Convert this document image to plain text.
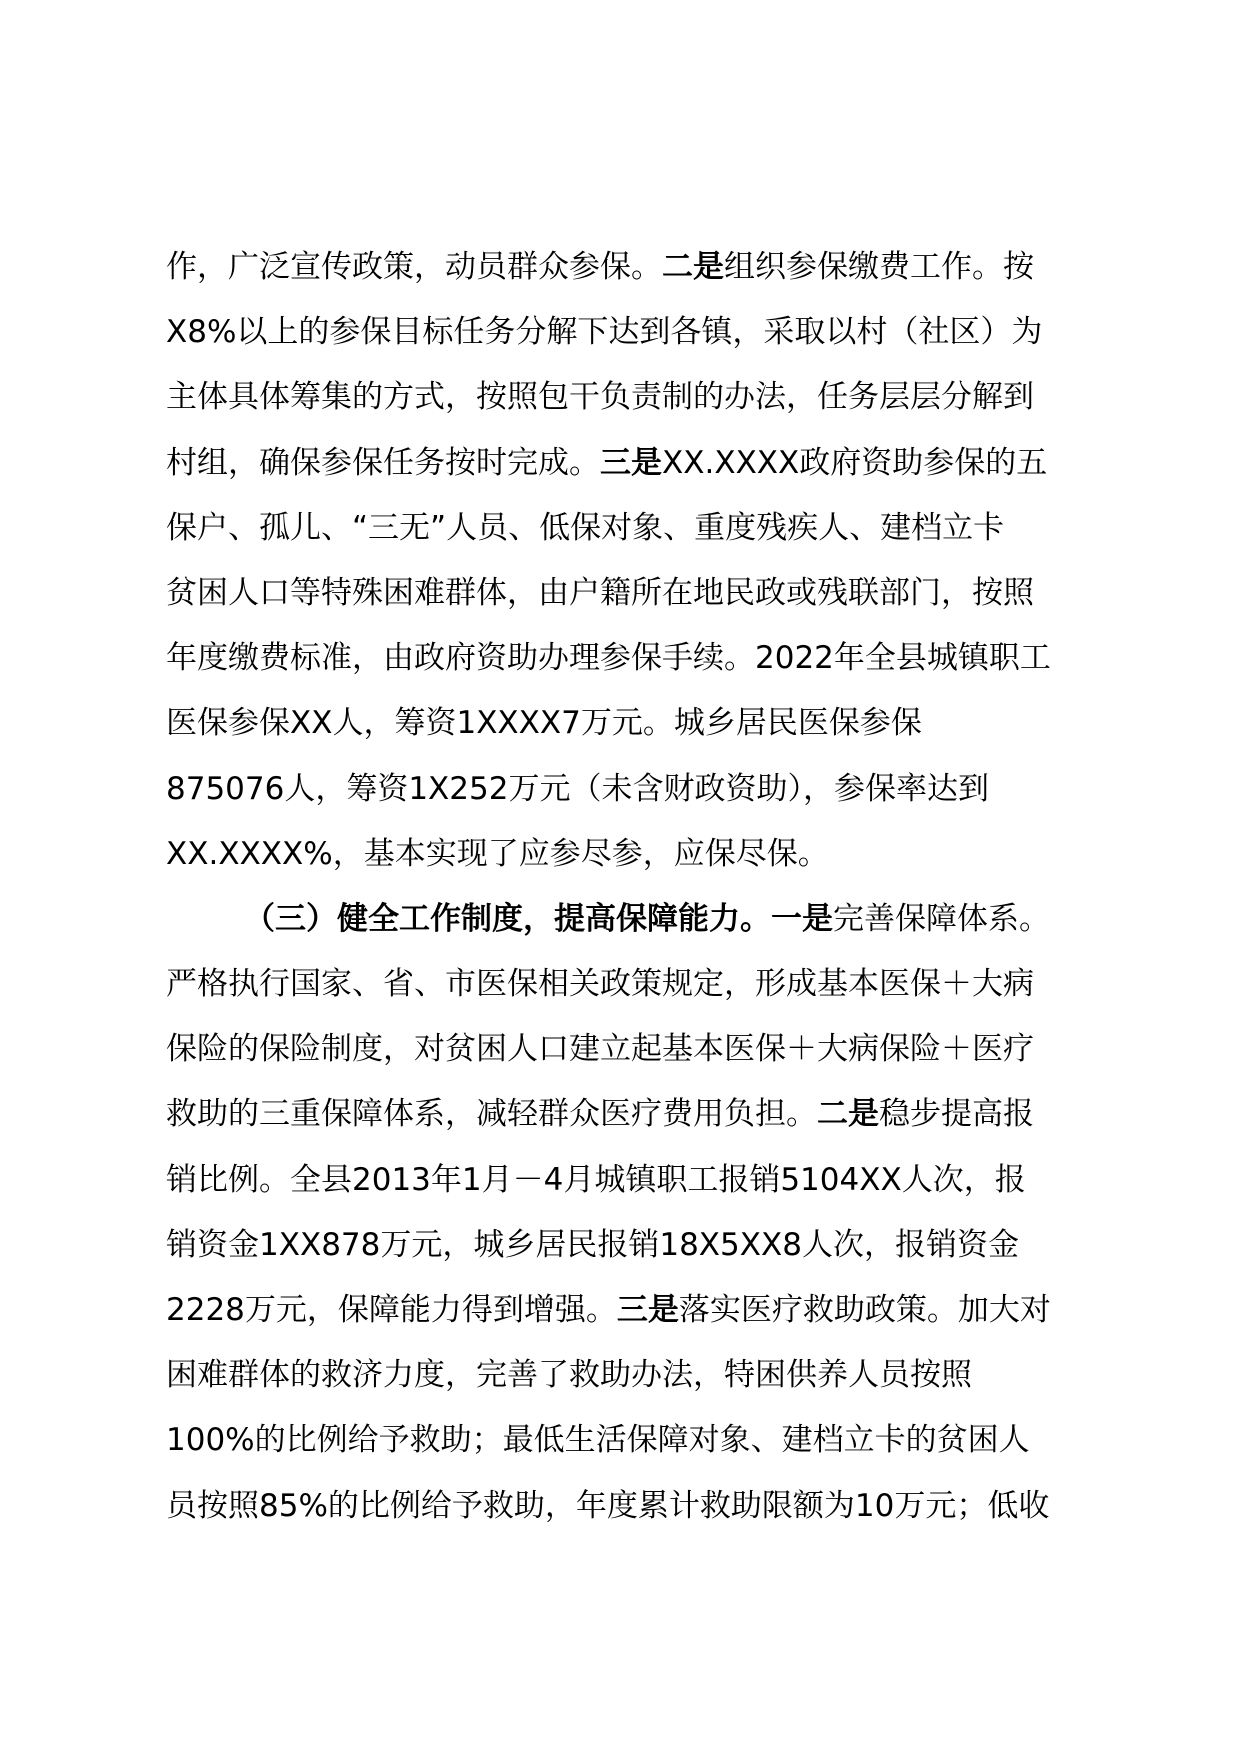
作，广泛宣传政策，动员群众参保。二是组织参保缴费工作。按
X8%以上的参保目标任务分解下达到各镇，采取以村（社区）为
主体具体筹集的方式，按照包干负责制的办法，任务层层分解到
村组，确保参保任务按时完成。三是XX.XXXX政府资助参保的五
保户、孤儿、“三无”人员、低保对象、重度残疾人、建档立卡
贫困人口等特殊困难群体，由户籍所在地民政或残联部门，按照
年度缴费标准，由政府资助办理参保手续。2022年全县城镇职工
医保参保XX人，筹资1XXXX7万元。城乡居民医保参保
875076人，筹资1X252万元（未含财政资助），参保率达到
XX.XXXX%，基本实现了应参尽参，应保尽保。
（三）健全工作制度，提高保障能力。一是完善保障体系。
严格执行国家、省、市医保相关政策规定，形成基本医保＋大病
保险的保险制度，对贫困人口建立起基本医保＋大病保险＋医疗
救助的三重保障体系，减轻群众医疗费用负担。二是稳步提高报
销比例。全县2013年1月－4月城镇职工报销5104XX人次，报
销资金1XX878万元，城乡居民报销18X5XX8人次，报销资金
2228万元，保障能力得到增强。三是落实医疗救助政策。加大对
困难群体的救济力度，完善了救助办法，特困供养人员按照
100%的比例给予救助；最低生活保障对象、建档立卡的贫困人
员按照85%的比例给予救助，年度累计救助限额为10万元；低收
